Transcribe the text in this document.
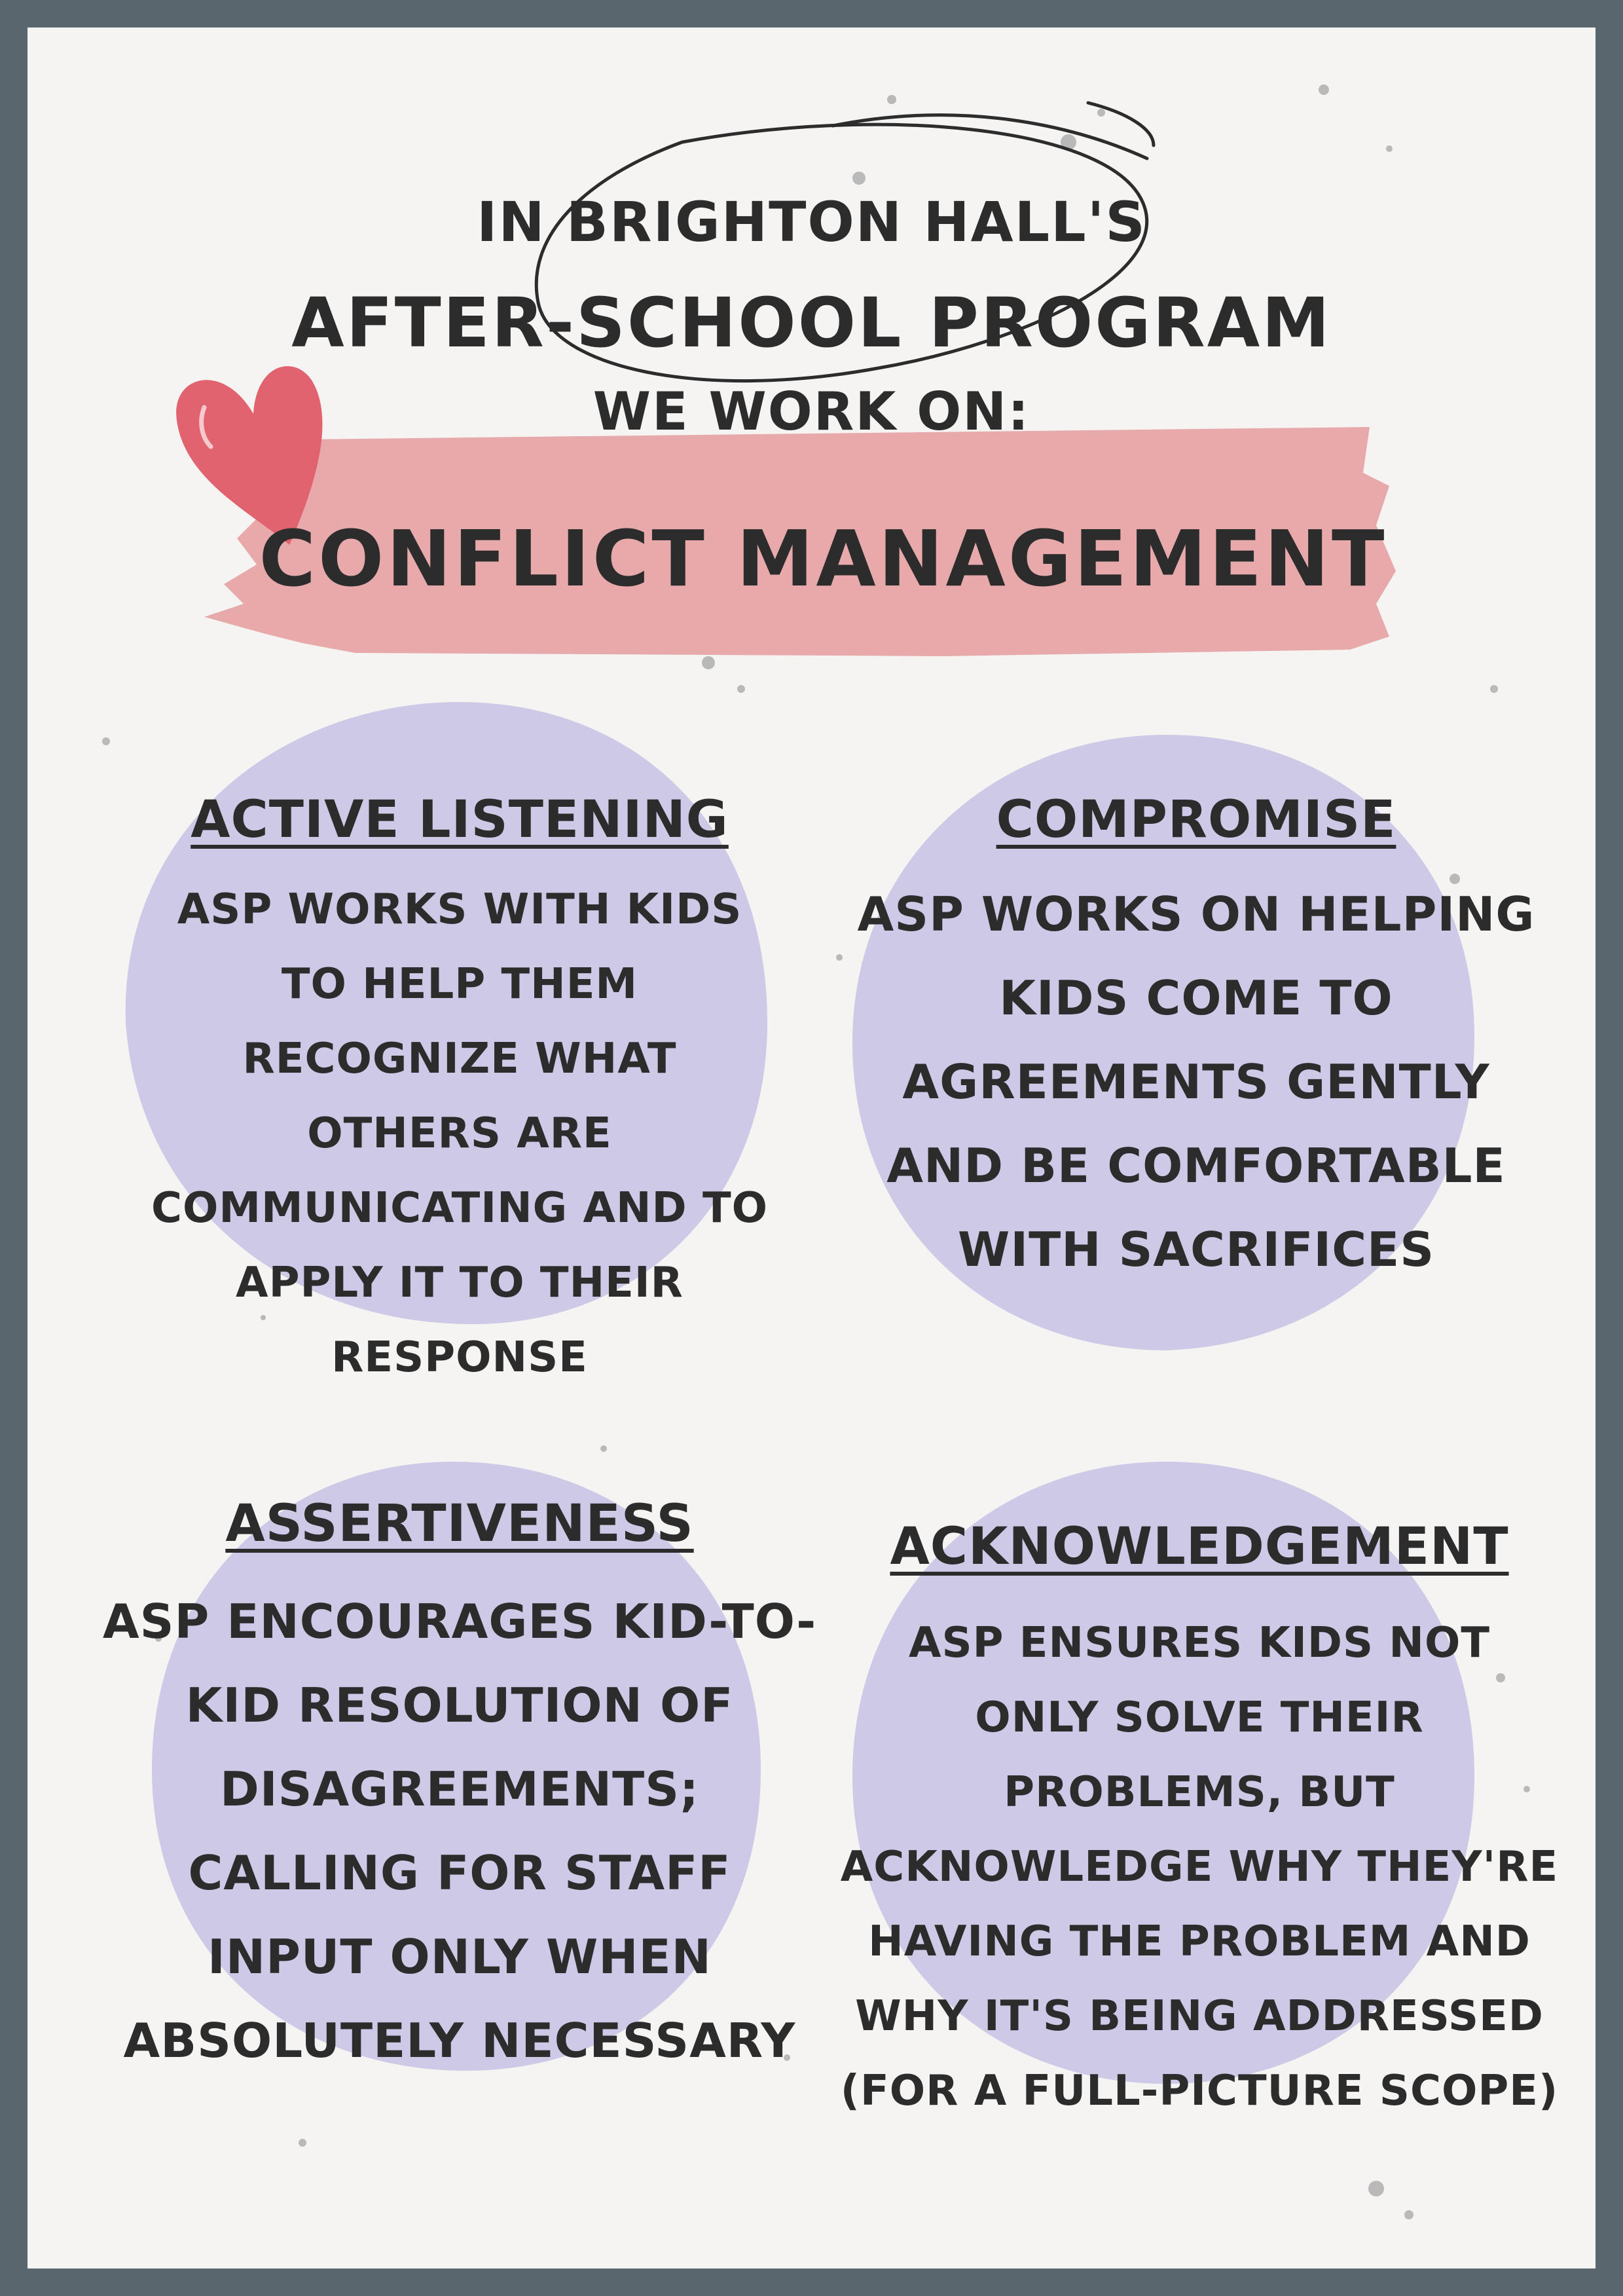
IN BRIGHTON HALL'S
AFTER-SCHOOL PROGRAM
WE WORK ON:
CONFLICT MANAGEMENT
ACTIVE LISTENING
ASP WORKS WITH KIDS TO HELP THEM RECOGNIZE WHAT OTHERS ARE COMMUNICATING AND TO APPLY IT TO THEIR RESPONSE
COMPROMISE
ASP WORKS ON HELPING KIDS COME TO AGREEMENTS GENTLY AND BE COMFORTABLE WITH SACRIFICES
ASSERTIVENESS
ASP ENCOURAGES KID-TO-KID RESOLUTION OF DISAGREEMENTS; CALLING FOR STAFF INPUT ONLY WHEN ABSOLUTELY NECESSARY
ACKNOWLEDGEMENT
ASP ENSURES KIDS NOT ONLY SOLVE THEIR PROBLEMS, BUT ACKNOWLEDGE WHY THEY'RE HAVING THE PROBLEM AND WHY IT'S BEING ADDRESSED (FOR A FULL-PICTURE SCOPE)
